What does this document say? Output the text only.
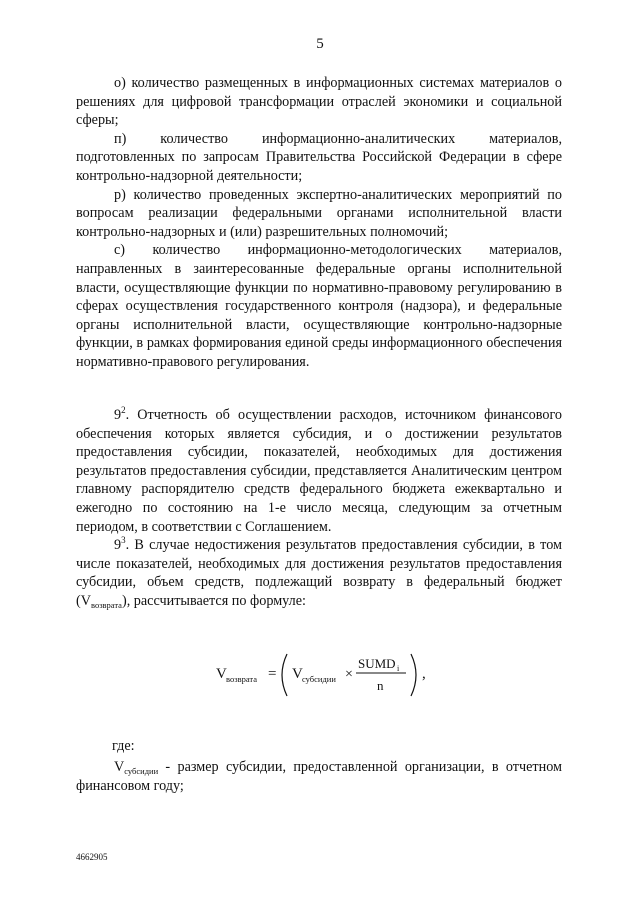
5

о) количество размещенных в информационных системах материалов о решениях для цифровой трансформации отраслей экономики и социальной сферы;

п) количество информационно-аналитических материалов, подготовленных по запросам Правительства Российской Федерации в сфере контрольно-надзорной деятельности;

р) количество проведенных экспертно-аналитических мероприятий по вопросам реализации федеральными органами исполнительной власти контрольно-надзорных и (или) разрешительных полномочий;

с) количество информационно-методологических материалов, направленных в заинтересованные федеральные органы исполнительной власти, осуществляющие функции по нормативно-правовому регулированию в сферах осуществления государственного контроля (надзора), и федеральные органы исполнительной власти, осуществляющие контрольно-надзорные функции, в рамках формирования единой среды информационного обеспечения нормативно-правового регулирования.

$9^2$. Отчетность об осуществлении расходов, источником финансового обеспечения которых является субсидия, и о достижении результатов предоставления субсидии, показателей, необходимых для достижения результатов предоставления субсидии, представляется Аналитическим центром главному распорядителю средств федерального бюджета ежеквартально и ежегодно по состоянию на 1-е число месяца, следующим за отчетным периодом, в соответствии с Соглашением.

$9^3$. В случае недостижения результатов предоставления субсидии, в том числе показателей, необходимых для достижения результатов предоставления субсидии, объем средств, подлежащий возврату в федеральный бюджет $(V_{возврата})$, рассчитывается по формуле:

V возврата = V субсидии ×
SUMD i
n
,
где:

$V_{субсидии}$ - размер субсидии, предоставленной организации, в отчетном финансовом году;

4662905
